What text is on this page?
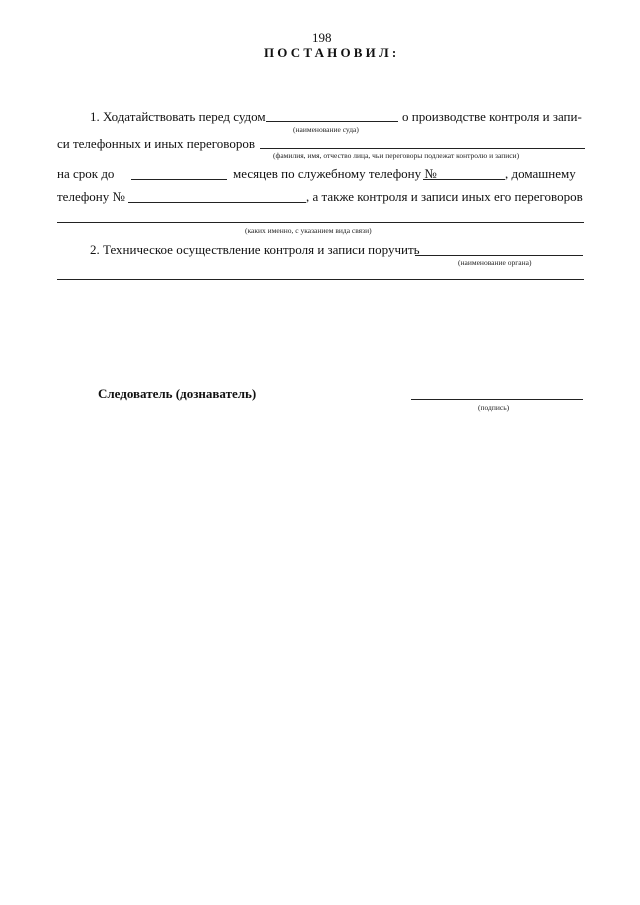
198
ПОСТАНОВИЛ:
1. Ходатайствовать перед судом	о производстве контроля и запи-
(наименование суда)
си телефонных и иных переговоров
(фамилия, имя, отчество лица, чьи переговоры подлежат контролю и записи)
на срок до	месяцев по служебному телефону №	, домашнему
телефону №	, а также контроля и записи иных его переговоров
(каких именно, с указанием вида связи)
2. Техническое осуществление контроля и записи поручить
(наименование органа)
Следователь (дознаватель)
(подпись)
